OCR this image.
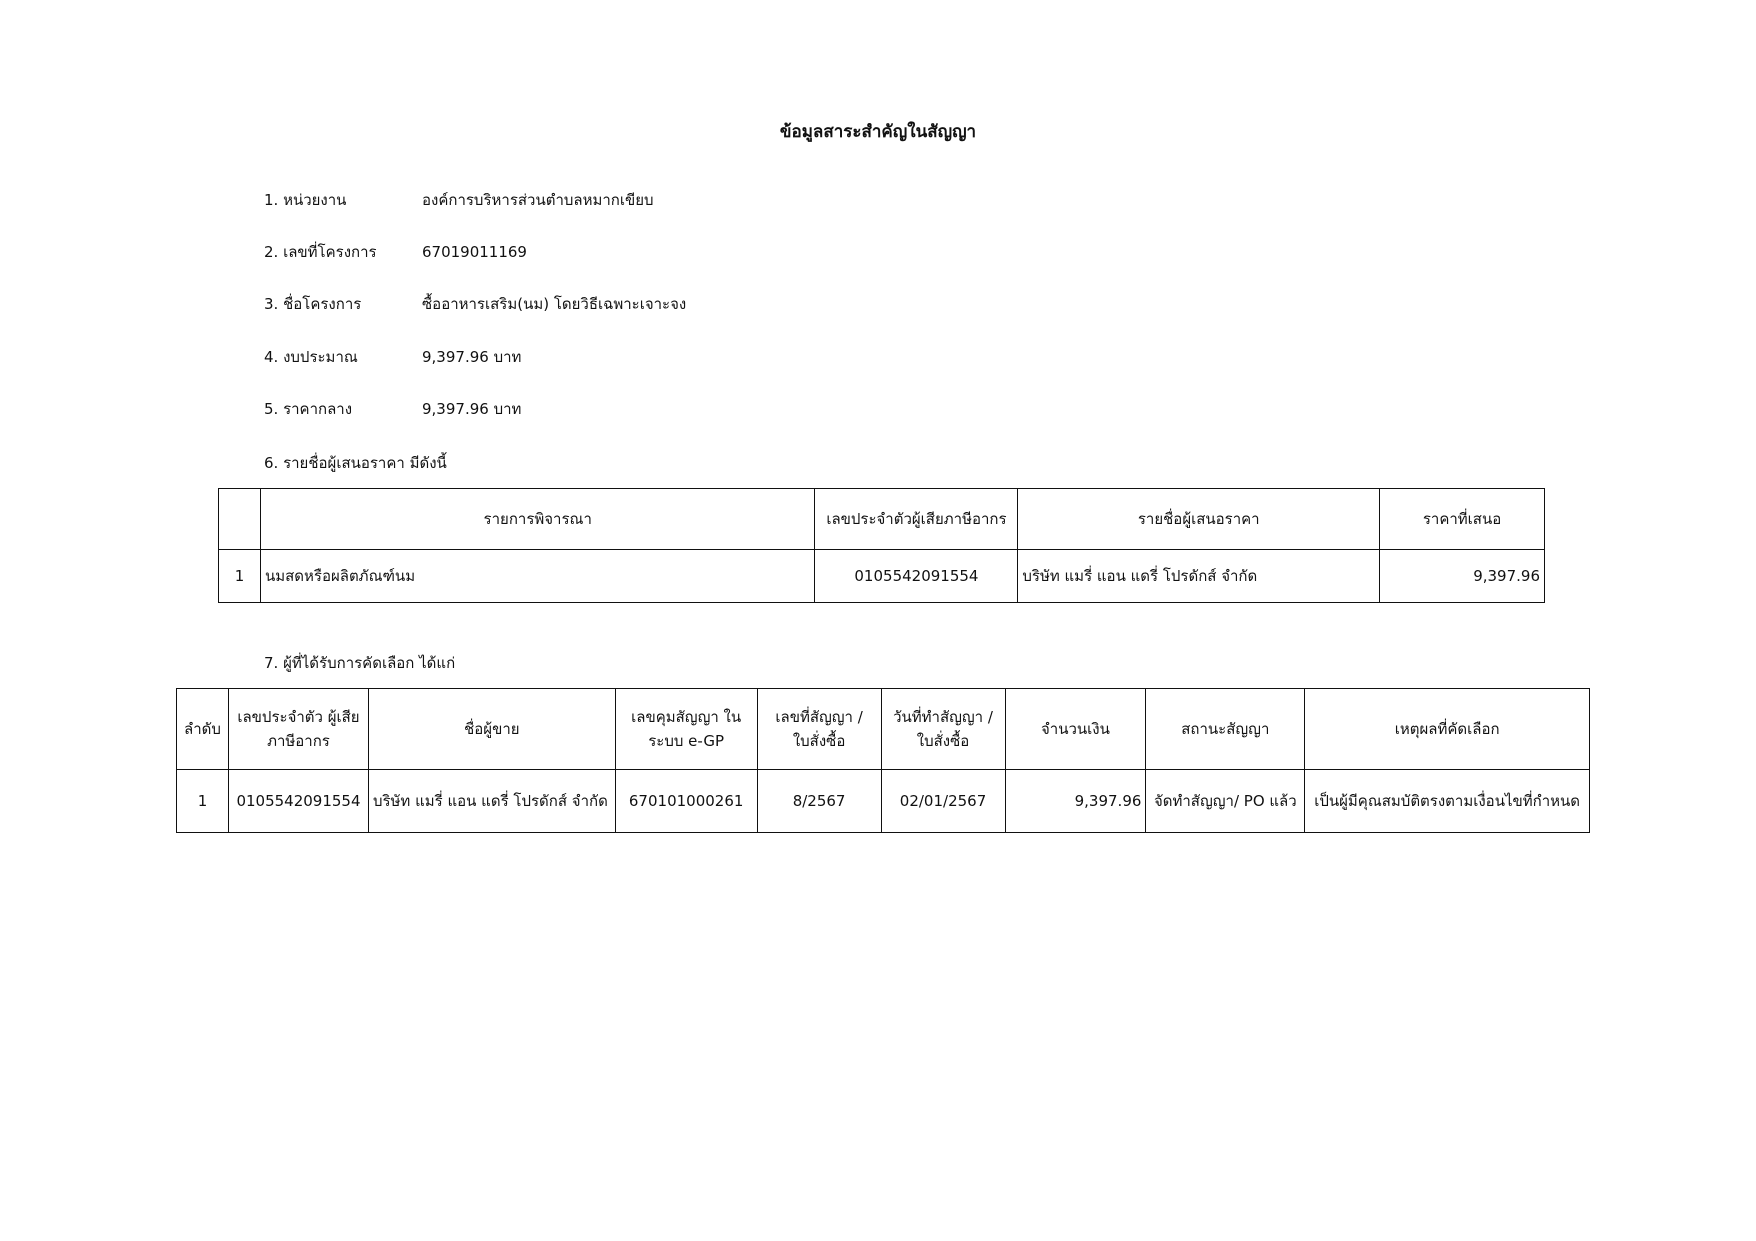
ข้อมูลสาระสำคัญในสัญญา
1. หน่วยงาน	องค์การบริหารส่วนตำบลหมากเขียบ
2. เลขที่โครงการ	67019011169
3. ชื่อโครงการ	ซื้ออาหารเสริม(นม) โดยวิธีเฉพาะเจาะจง
4. งบประมาณ	9,397.96 บาท
5. ราคากลาง	9,397.96 บาท
6. รายชื่อผู้เสนอราคา มีดังนี้
	รายการพิจารณา	เลขประจำตัวผู้เสียภาษีอากร	รายชื่อผู้เสนอราคา	ราคาที่เสนอ
1	นมสดหรือผลิตภัณฑ์นม	0105542091554	บริษัท แมรี่ แอน แดรี่ โปรดักส์ จำกัด	9,397.96
7. ผู้ที่ได้รับการคัดเลือก ได้แก่
ลำดับ	เลขประจำตัว ผู้เสียภาษีอากร	ชื่อผู้ขาย	เลขคุมสัญญา ในระบบ e-GP	เลขที่สัญญา / ใบสั่งซื้อ	วันที่ทำสัญญา / ใบสั่งซื้อ	จำนวนเงิน	สถานะสัญญา	เหตุผลที่คัดเลือก
1	0105542091554	บริษัท แมรี่ แอน แดรี่ โปรดักส์ จำกัด	670101000261	8/2567	02/01/2567	9,397.96	จัดทำสัญญา/ PO แล้ว	เป็นผู้มีคุณสมบัติตรงตามเงื่อนไขที่กำหนด
